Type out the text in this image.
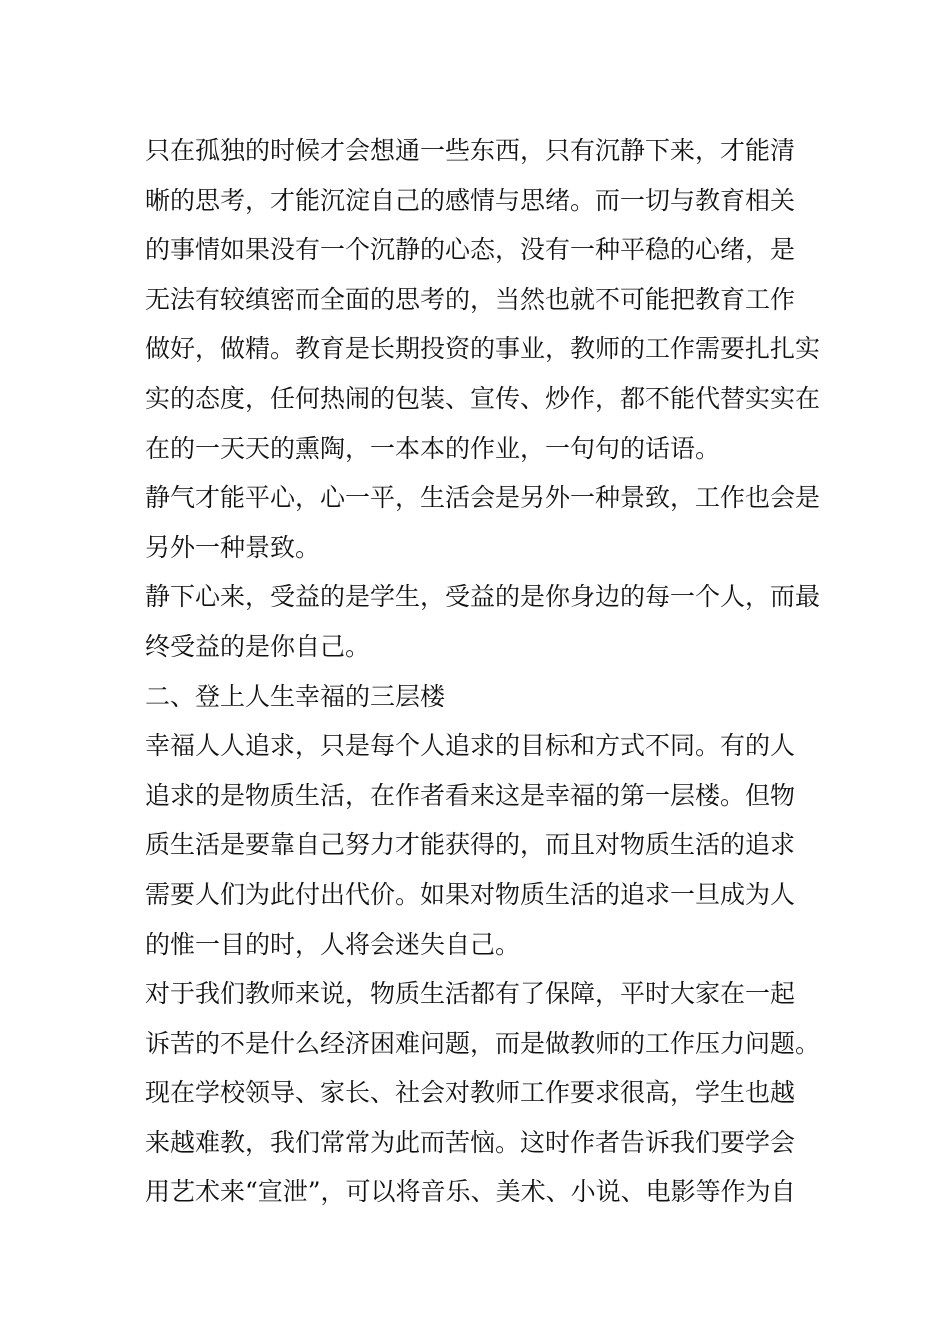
只在孤独的时候才会想通一些东西，只有沉静下来，才能清
晰的思考，才能沉淀自己的感情与思绪。而一切与教育相关
的事情如果没有一个沉静的心态，没有一种平稳的心绪，是
无法有较缜密而全面的思考的，当然也就不可能把教育工作
做好，做精。教育是长期投资的事业，教师的工作需要扎扎实
实的态度，任何热闹的包装、宣传、炒作，都不能代替实实在
在的一天天的熏陶，一本本的作业，一句句的话语。
静气才能平心，心一平，生活会是另外一种景致，工作也会是
另外一种景致。
静下心来，受益的是学生，受益的是你身边的每一个人，而最
终受益的是你自己。
二、登上人生幸福的三层楼
幸福人人追求，只是每个人追求的目标和方式不同。有的人
追求的是物质生活，在作者看来这是幸福的第一层楼。但物
质生活是要靠自己努力才能获得的，而且对物质生活的追求
需要人们为此付出代价。如果对物质生活的追求一旦成为人
的惟一目的时，人将会迷失自己。
对于我们教师来说，物质生活都有了保障，平时大家在一起
诉苦的不是什么经济困难问题，而是做教师的工作压力问题。
现在学校领导、家长、社会对教师工作要求很高，学生也越
来越难教，我们常常为此而苦恼。这时作者告诉我们要学会
用艺术来“宣泄”，可以将音乐、美术、小说、电影等作为自
